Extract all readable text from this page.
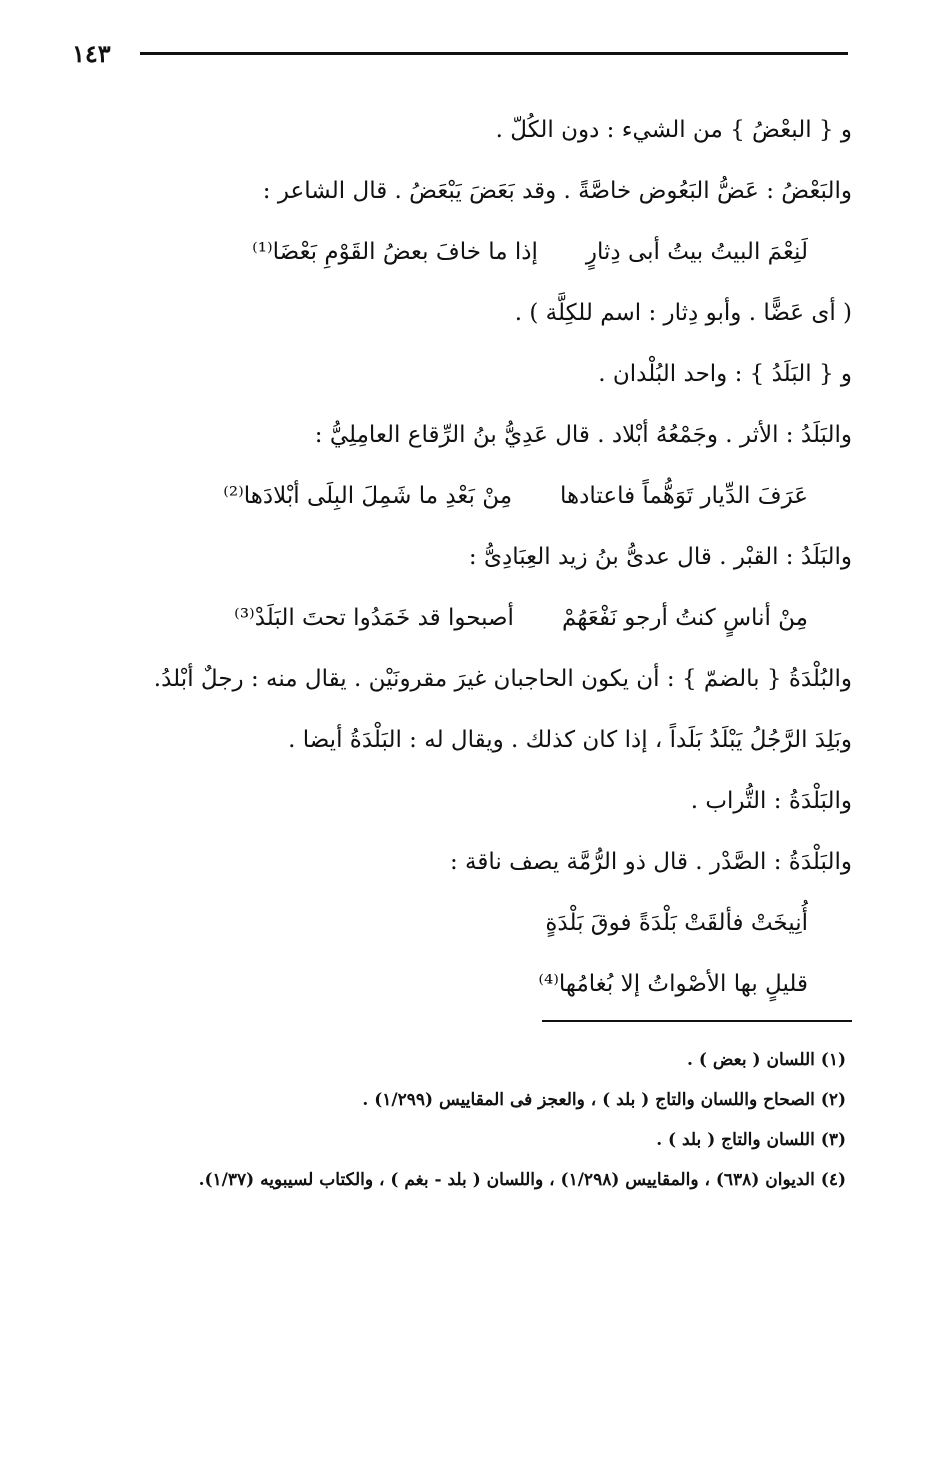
١٤٣
و { البعْضُ } من الشيء : دون الكُلّ .
والبَعْضُ : عَضُّ البَعُوض خاصَّةً . وقد بَعَضَ يَبْعَضُ . قال الشاعر :
لَنِعْمَ البيتُ بيتُ أبى دِثارٍ
إذا ما خافَ بعضُ القَوْمِ بَعْضَا⁽¹⁾
( أى عَضًّا . وأبو دِثار : اسم للكِلَّة ) .
و { البَلَدُ } : واحد البُلْدان .
والبَلَدُ : الأثر . وجَمْعُهُ أبْلاد . قال عَدِيُّ بنُ الرِّقاع العامِلِيُّ :
عَرَفَ الدِّيار تَوَهُّماً فاعتادها
مِنْ بَعْدِ ما شَمِلَ البِلَى أبْلادَها⁽²⁾
والبَلَدُ : القبْر . قال عدىُّ بنُ زيد العِبَادِىُّ :
مِنْ أناسٍ كنتُ أرجو نَفْعَهُمْ
أصبحوا قد خَمَدُوا تحتَ البَلَدْ⁽³⁾
والبُلْدَةُ { بالضمّ } : أن يكون الحاجبان غيرَ مقرونَيْن . يقال منه : رجلٌ أبْلدُ.
وبَلِدَ الرَّجُلُ يَبْلَدُ بَلَداً ، إذا كان كذلك . ويقال له : البَلْدَةُ أيضا .
والبَلْدَةُ : التُّراب .
والبَلْدَةُ : الصَّدْر . قال ذو الرُّمَّة يصف ناقة :
أُنِيخَتْ فألقَتْ بَلْدَةً فوقَ بَلْدَةٍ
قليلٍ بها الأصْواتُ إلا بُغامُها⁽⁴⁾
(١) اللسان ( بعض ) .
(٢) الصحاح واللسان والتاج ( بلد ) ، والعجز فى المقاييس (١/٢٩٩) .
(٣) اللسان والتاج ( بلد ) .
(٤) الديوان (٦٣٨) ، والمقاييس (١/٢٩٨) ، واللسان ( بلد - بغم ) ، والكتاب لسيبويه (١/٣٧).
